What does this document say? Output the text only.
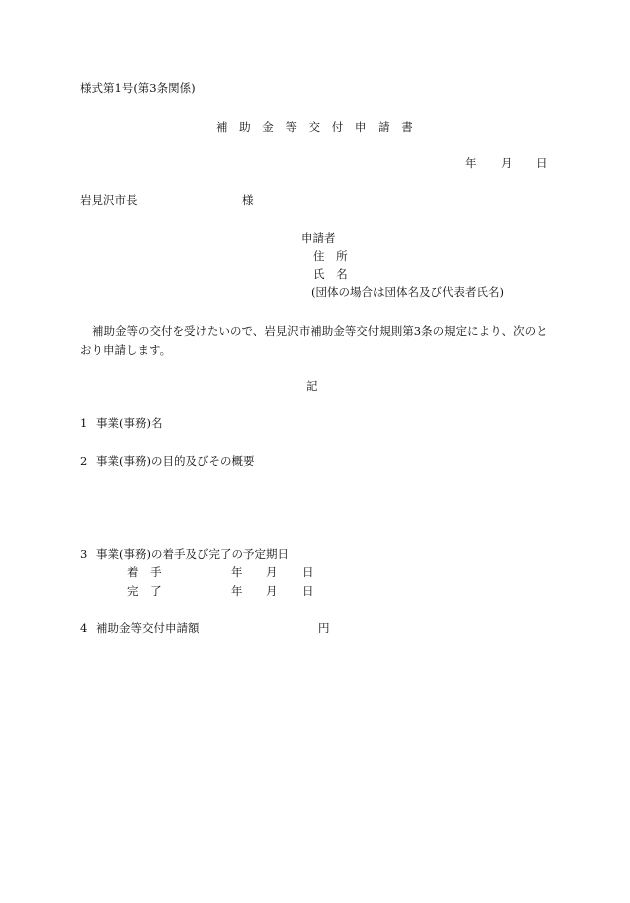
様式第1号(第3条関係)
補 助 金 等 交 付 申 請 書
年 月 日
岩見沢市長	様
申請者
住 所
氏 名
(団体の場合は団体名及び代表者氏名)
補助金等の交付を受けたいので、岩見沢市補助金等交付規則第3条の規定により、次のと
おり申請します。
記
1 事業(事務)名
2 事業(事務)の目的及びその概要
3 事業(事務)の着手及び完了の予定期日
着 手	年 月 日
完 了	年 月 日
4 補助金等交付申請額	円
